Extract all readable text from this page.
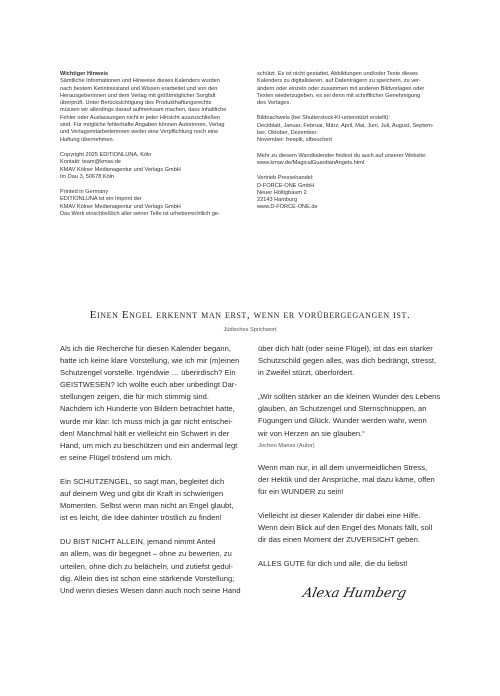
Wichtiger Hinweis
Sämtliche Informationen und Hinweise dieses Kalenders wurden
nach bestem Kenntnisstand und Wissen erarbeitet und von den
Herausgeberinnen und dem Verlag mit größtmöglicher Sorgfalt
überprüft. Unter Berücksichtigung des Produkthaftungsrechts
müssen wir allerdings darauf aufmerksam machen, dass inhaltliche
Fehler oder Auslassungen nicht in jeder Hinsicht auszuschließen
sind. Für mögliche fehlerhafte Angaben können Autorinnen, Verlag
und Verlagsmitarbeiterinnen weder eine Verpflichtung noch eine
Haftung übernehmen.

Copyright 2025 EDITIONLUNA, Köln
Kontakt: team@kmav.de
KMAV Kölner Medienagentur und Verlags GmbH
Im Dau 3, 50678 Köln

Printed in Germany
EDITIONLUNA ist ein Imprint der
KMAV Kölner Medienagentur und Verlags GmbH
Das Werk einschließlich aller seiner Teile ist urheberrechtlich ge-

schützt. Es ist nicht gestattet, Abbildungen und/oder Texte dieses
Kalenders zu digitalisieren, auf Datenträgern zu speichern, zu ver-
ändern oder einzeln oder zusammen mit anderen Bildvorlagen oder
Texten wiederzugeben, es sei denn mit schriftlicher Genehmigung
des Verlages.

Bildnachweis (bei Shutterstock-KI-unterstützt erstellt):
Deckblatt, Januar, Februar, März, April, Mai, Juni, Juli, August, Septem-
ber, Oktober, Dezember.
November: freepik, stbeuchert

Mehr zu diesem Wandkalender findest du auch auf unserer Website:
www.kmav.de/MagicalGuardianAngels.html

Vertrieb Pressehandel:
D-FORCE-ONE GmbH
Neuer Höltigbaum 2
22143 Hamburg
www.D-FORCE-ONE.de

Einen Engel erkennt man erst, wenn er vorübergegangen ist.
Jüdisches Sprichwort

Als ich die Recherche für diesen Kalender begann,
hatte ich keine klare Vorstellung, wie ich mir (m)einen
Schutzengel vorstelle. Irgendwie … überirdisch? Ein
GEISTWESEN? Ich wollte euch aber unbedingt Dar-
stellungen zeigen, die für mich stimmig sind.
Nachdem ich Hunderte von Bildern betrachtet hatte,
wurde mir klar: Ich muss mich ja gar nicht entschei-
den! Manchmal hält er vielleicht ein Schwert in der
Hand, um mich zu beschützen und ein andermal legt
er seine Flügel tröstend um mich.

Ein SCHUTZENGEL, so sagt man, begleitet dich
auf deinem Weg und gibt dir Kraft in schwierigen
Momenten. Selbst wenn man nicht an Engel glaubt,
ist es leicht, die Idee dahinter tröstlich zu finden!

DU BIST NICHT ALLEIN, jemand nimmt Anteil
an allem, was dir begegnet – ohne zu bewerten, zu
urteilen, ohne dich zu belächeln, und zutiefst gedul-
dig. Allein dies ist schon eine stärkende Vorstellung;
Und wenn dieses Wesen dann auch noch seine Hand

über dich hält (oder seine Flügel), ist das ein starker
Schutzschild gegen alles, was dich bedrängt, stresst,
in Zweifel stürzt, überfordert.

„Wir sollten stärker an die kleinen Wunder des Lebens
glauben, an Schutzengel und Sternschnuppen, an
Fügungen und Glück. Wunder werden wahr, wenn
wir von Herzen an sie glauben.“

Jochen Mariss (Autor)

Wenn man nur, in all dem unvermeidlichen Stress,
der Hektik und der Ansprüche, mal dazu käme, offen
für ein WUNDER zu sein!

Vielleicht ist dieser Kalender dir dabei eine Hilfe.
Wenn dein Blick auf den Engel des Monats fällt, soll
dir das einen Moment der ZUVERSICHT geben.

ALLES GUTE für dich und alle, die du liebst!

Alexa Humberg
